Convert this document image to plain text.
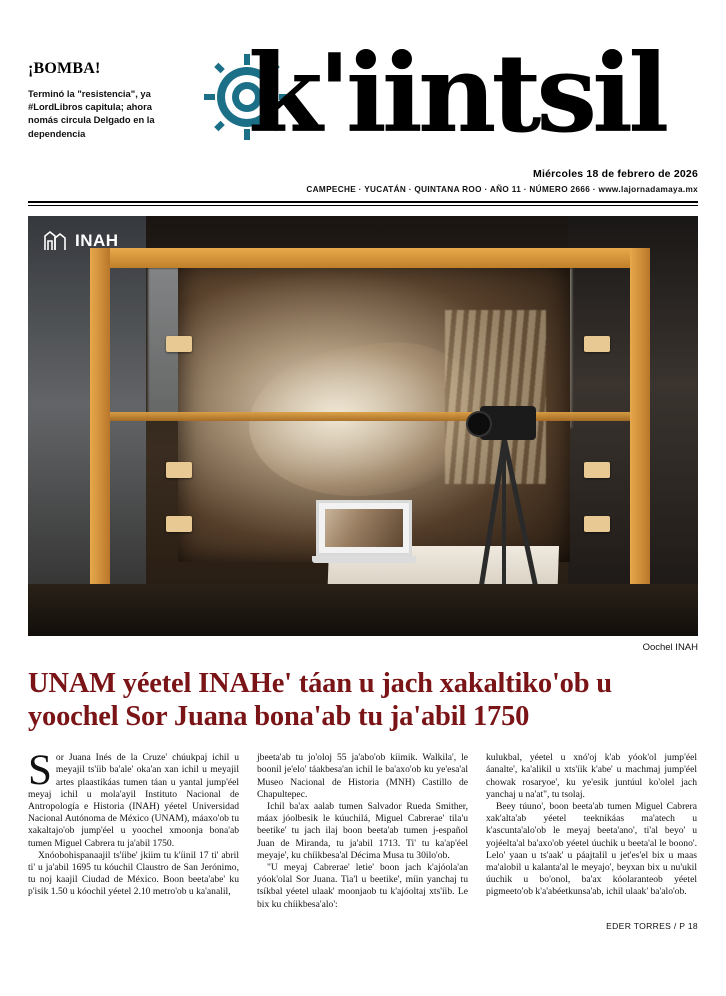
¡BOMBA!
Terminó la "resistencia", ya #LordLibros capitula; ahora nomás circula Delgado en la dependencia	k'iintsil
Miércoles 18 de febrero de 2026
CAMPECHE · YUCATÁN · QUINTANA ROO · AÑO 11 · NÚMERO 2666 · www.lajornadamaya.mx
INAH
Oochel INAH
UNAM yéetel INAHe' táan u jach xakaltiko'ob u yoochel Sor Juana bona'ab tu ja'abil 1750

Sor Juana Inés de la Cruze' chúukpaj ichil u meyajil ts'íib ba'ale' oka'an xan ichil u meyajil artes plaastikáas tumen táan u yantal jump'éel meyaj ichil u mola'ayil Instituto Nacional de Antropología e Historia (INAH) yéetel Universidad Nacional Autónoma de México (UNAM), máaxo'ob tu xakaltajo'ob jump'éel u yoochel xmoonja bona'ab tumen Miguel Cabrera tu ja'abil 1750.

Xnóobohispanaajil ts'íibe' jkiim tu k'íinil 17 ti' abril ti' u ja'abil 1695 tu kóuchil Claustro de San Jerónimo, tu noj kaajil Ciudad de México. Boon beeta'abe' ku p'isik 1.50 u kóochil yéetel 2.10 metro'ob u ka'analil,

jbeeta'ab tu jo'oloj 55 ja'abo'ob kíimik. Walkila', le boonil je'elo' táakbesa'an ichil le ba'axo'ob ku ye'esa'al Museo Nacional de Historia (MNH) Castillo de Chapultepec.

Ichil ba'ax aalab tumen Salvador Rueda Smither, máax jóolbesik le kúuchilá, Miguel Cabrerae' tila'u beetike' tu jach ilaj boon beeta'ab tumen j-español Juan de Miranda, tu ja'abil 1713. Ti' tu ka'ap'éel meyaje', ku chíikbesa'al Décima Musa tu 30ilo'ob.

"U meyaj Cabrerae' letie' boon jach k'ajóola'an yóok'olal Sor Juana. Tia'l u beetike', míin yanchaj tu tsíkbal yéetel ulaak' moonjaob tu k'ajóoltaj xts'íib. Le bix ku chíikbesa'alo':

kulukbal, yéetel u xnó'oj k'ab yóok'ol jump'éel áanalte', ka'alikil u xts'íik k'abe' u machmaj jump'éel chowak rosaryoe', ku ye'esik juntúul ko'olel jach yanchaj u na'at", tu tsolaj.

Beey túuno', boon beeta'ab tumen Miguel Cabrera xak'alta'ab yéetel teeknikáas ma'atech u k'ascunta'alo'ob le meyaj beeta'ano', ti'al beyo' u yojéelta'al ba'axo'ob yéetel úuchik u beeta'al le boono'. Lelo' yaan u ts'aak' u páajtalil u jet'es'el bix u maas ma'alobil u kalanta'al le meyajo', beyxan bix u nu'ukil úuchik u bo'onol, ba'ax kóolaranteob yéetel pigmeeto'ob k'a'abéetkunsa'ab, ichil ulaak' ba'alo'ob.

EDER TORRES / P 18
